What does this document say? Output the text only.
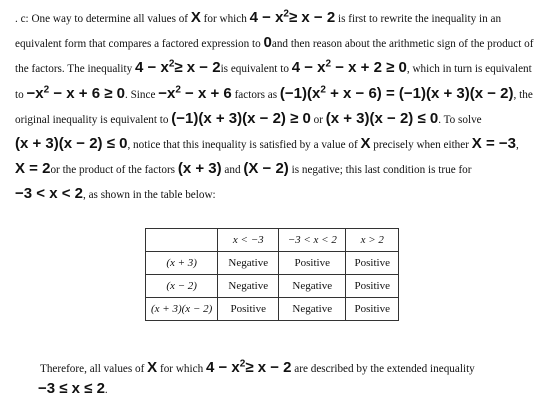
. c: One way to determine all values of X for which $4 - x^2\ge x - 2$ is first to rewrite the inequality in an equivalent form that compares a factored expression to 0and then reason about the arithmetic sign of the product of the factors. The inequality $4 - x^2\ge x - 2is$ equivalent to $4 - x^2 - x + 2 \ge 0$, which in turn is equivalent to $-x^2 - x + 6 \ge 0$. Since $-x^2 - x + 6$ factors as $(-1)(x^2 + x - 6) = (-1)(x + 3)(x - 2)$, the original inequality is equivalent to (−1)(x + 3)(x − 2) ≥ 0 or (x + 3)(x − 2) ≤ 0. To solve (x + 3)(x − 2) ≤ 0, notice that this inequality is satisfied by a value of X precisely when either X = −3, X = 2or the product of the factors (x + 3) and (X − 2) is negative; this last condition is true for −3 < x < 2, as shown in the table below:
	x < −3	−3 < x < 2	x > 2
(x + 3)	Negative	Positive	Positive
(x − 2)	Negative	Negative	Positive
(x + 3)(x − 2)	Positive	Negative	Positive
Therefore, all values of X for which $4 - x^2\ge x - 2$ are described by the extended inequality
−3 ≤ x ≤ 2.
